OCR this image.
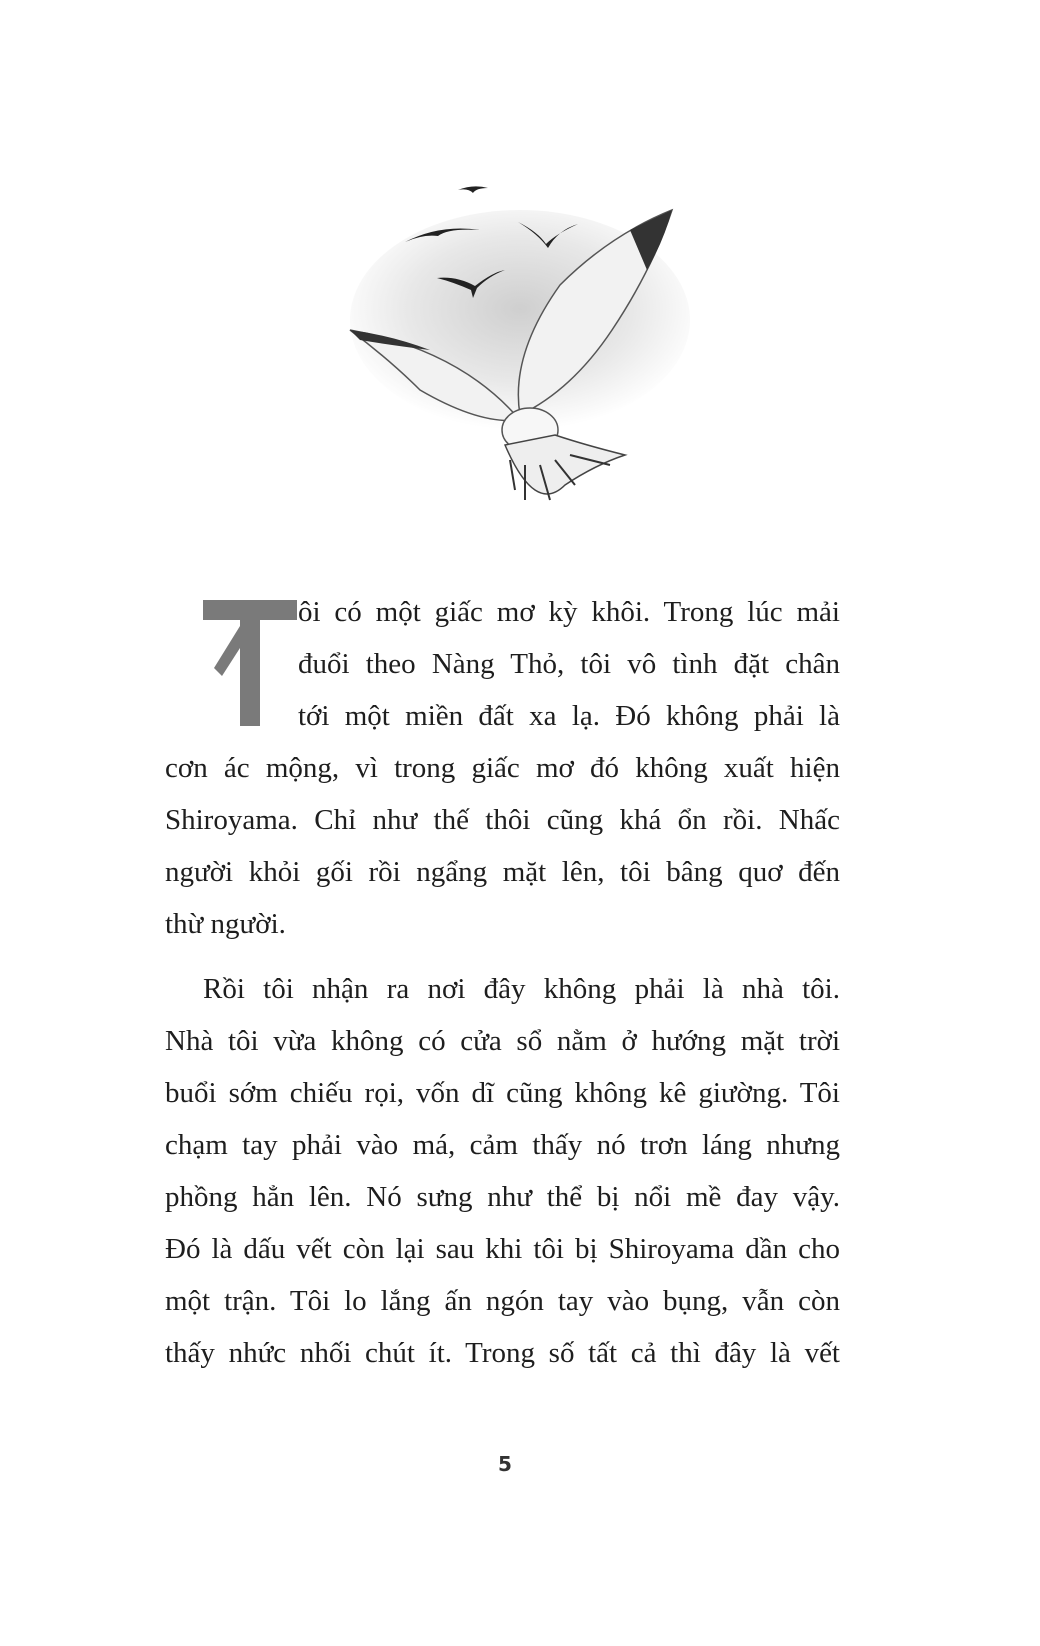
ôi có một giấc mơ kỳ khôi. Trong lúc mải
đuổi theo Nàng Thỏ, tôi vô tình đặt chân
tới một miền đất xa lạ. Đó không phải là
cơn ác mộng, vì trong giấc mơ đó không xuất hiện
Shiroyama. Chỉ như thế thôi cũng khá ổn rồi. Nhấc
người khỏi gối rồi ngẩng mặt lên, tôi bâng quơ đến
thừ người.
Rồi tôi nhận ra nơi đây không phải là nhà tôi.
Nhà tôi vừa không có cửa sổ nằm ở hướng mặt trời
buổi sớm chiếu rọi, vốn dĩ cũng không kê giường. Tôi
chạm tay phải vào má, cảm thấy nó trơn láng nhưng
phồng hẳn lên. Nó sưng như thể bị nổi mề đay vậy.
Đó là dấu vết còn lại sau khi tôi bị Shiroyama dần cho
một trận. Tôi lo lắng ấn ngón tay vào bụng, vẫn còn
thấy nhức nhối chút ít. Trong số tất cả thì đây là vết
5
